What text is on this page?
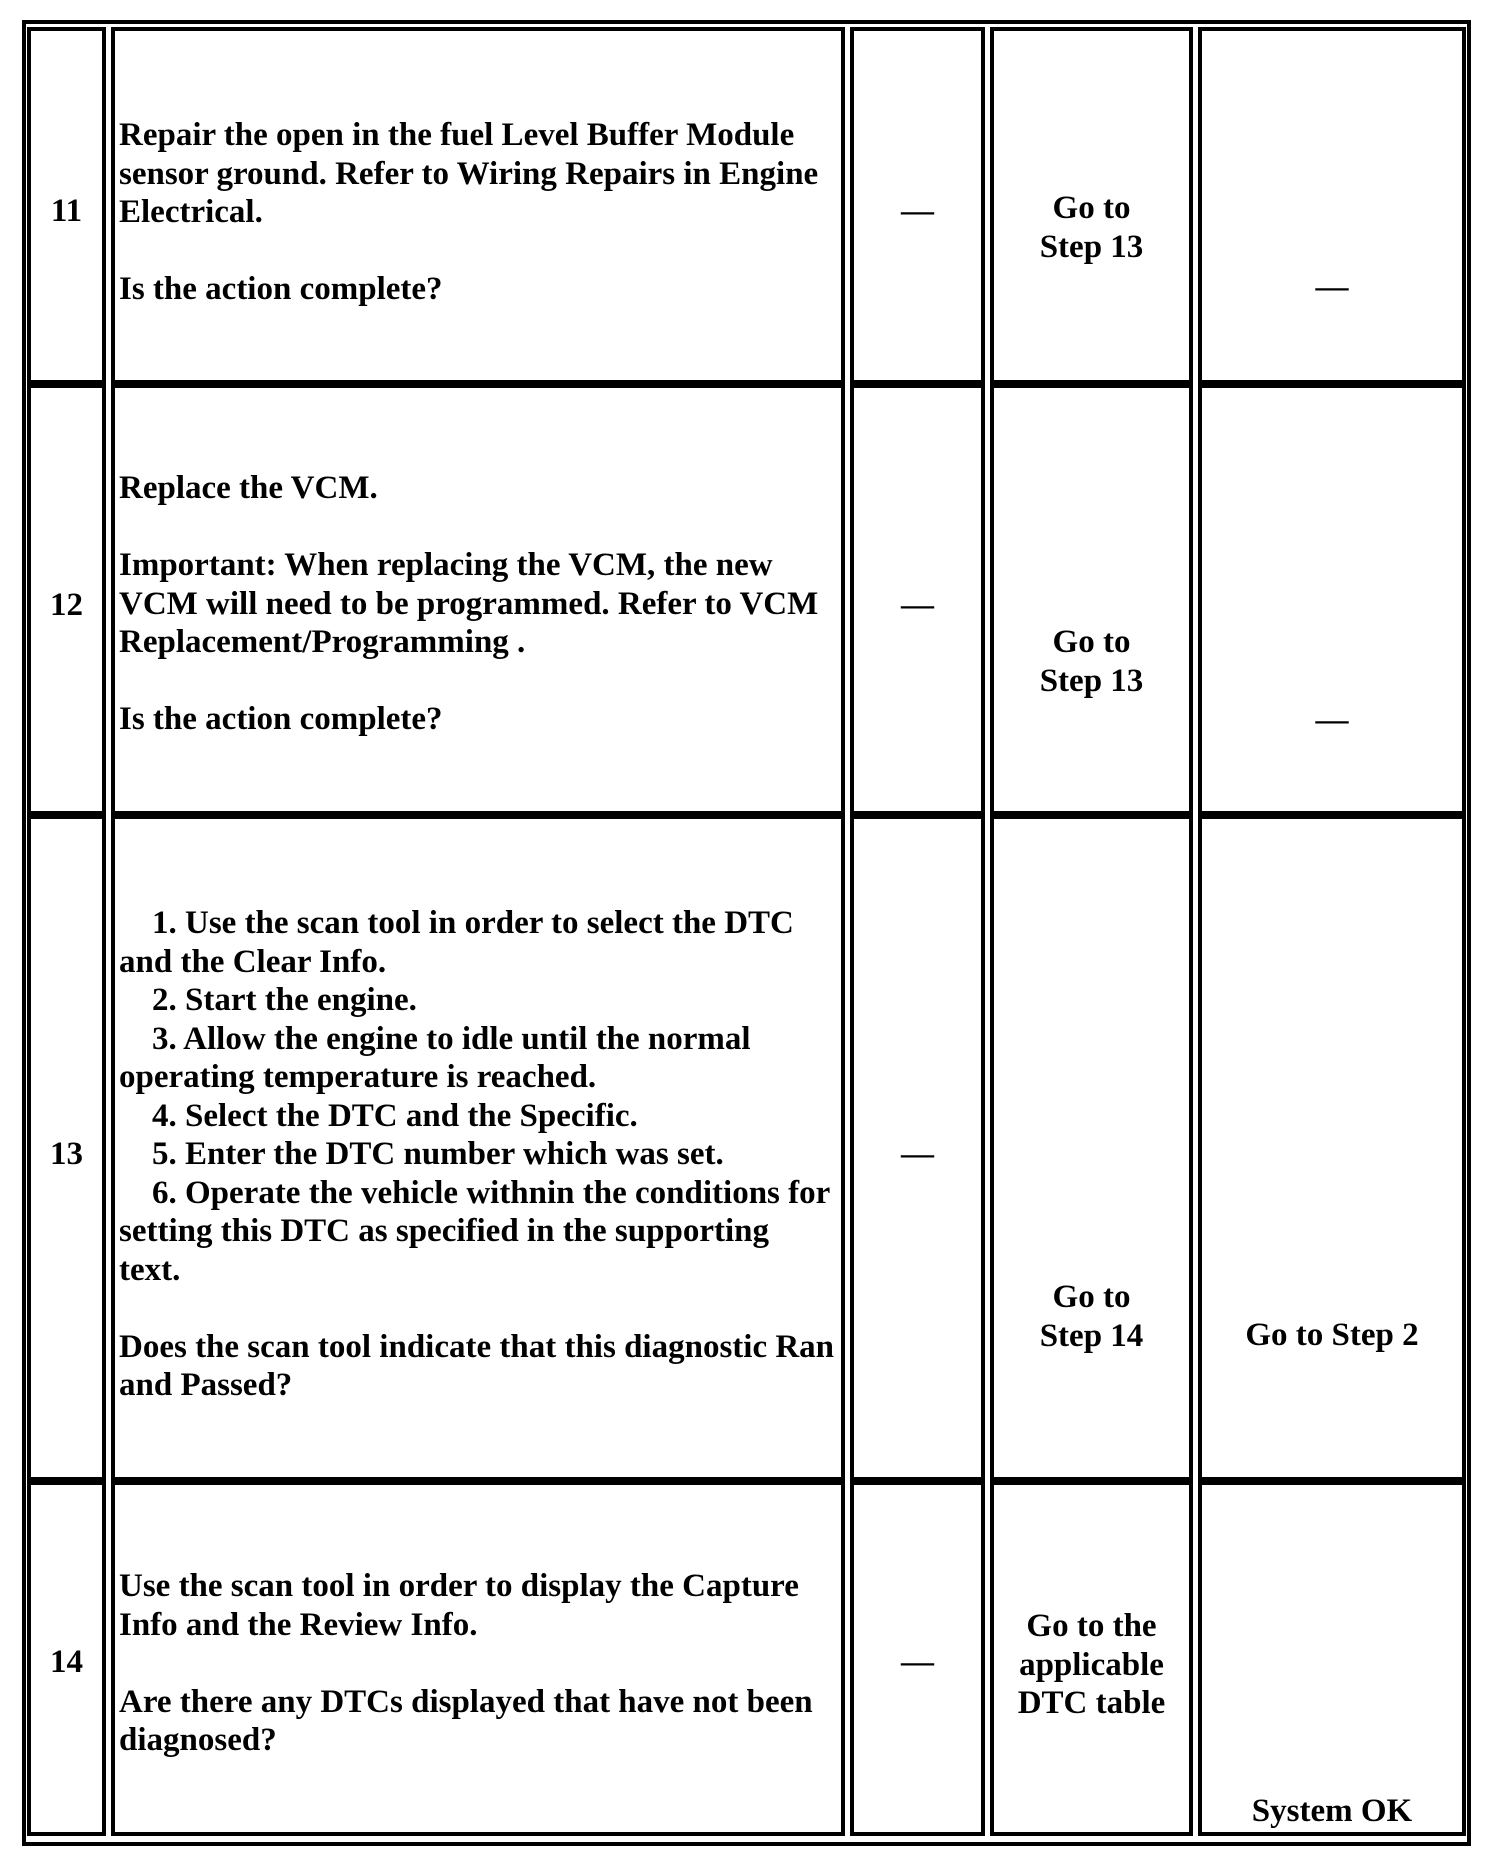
11
Repair the open in the fuel Level Buffer Module sensor ground. Refer to Wiring Repairs in Engine Electrical.

Is the action complete?
—	Go to Step 13
—
12
Replace the VCM.

Important: When replacing the VCM, the new VCM will need to be programmed. Refer to VCM Replacement/Programming .

Is the action complete?
—
Go to Step 13
—
13
1. Use the scan tool in order to select the DTC and the Clear Info.
2. Start the engine.
3. Allow the engine to idle until the normal operating temperature is reached.
4. Select the DTC and the Specific.
5. Enter the DTC number which was set.
6. Operate the vehicle withnin the conditions for setting this DTC as specified in the supporting text.

Does the scan tool indicate that this diagnostic Ran and Passed?
—
Go to Step 14	Go to Step 2
14
Use the scan tool in order to display the Capture Info and the Review Info.

Are there any DTCs displayed that have not been diagnosed?
—
Go to the applicable DTC table
System OK
